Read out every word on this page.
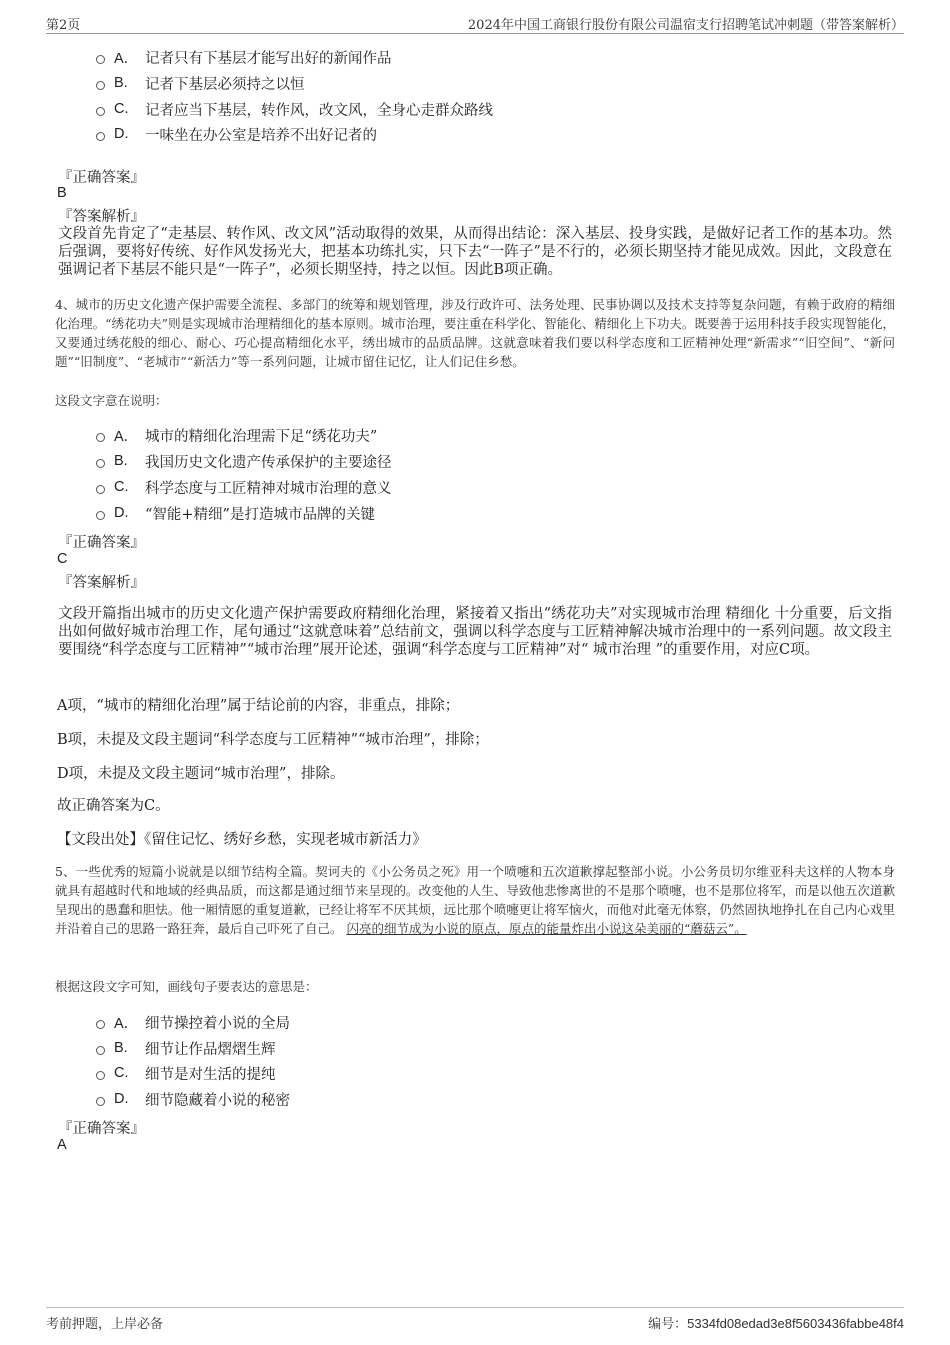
第2页	2024年中国工商银行股份有限公司温宿支行招聘笔试冲刺题（带答案解析）
A． 记者只有下基层才能写出好的新闻作品
B.	记者下基层必须持之以恒
C.	记者应当下基层，转作风，改文风，全身心走群众路线
D.	一味坐在办公室是培养不出好记者的
『正确答案』
B
『答案解析』
文段首先肯定了“走基层、转作风、改文风”活动取得的效果，从而得出结论：深入基层、投身实践，是做好记者工作的基本功。然后强调，要将好传统、好作风发扬光大，把基本功练扎实，只下去“一阵子”是不行的，必须长期坚持才能见成效。因此，文段意在强调记者下基层不能只是“一阵子”，必须长期坚持，持之以恒。因此B项正确。
4、城市的历史文化遗产保护需要全流程、多部门的统筹和规划管理，涉及行政许可、法务处理、民事协调以及技术支持等复杂问题，有赖于政府的精细化治理。“绣花功夫”则是实现城市治理精细化的基本原则。城市治理，要注重在科学化、智能化、精细化上下功夫。既要善于运用科技手段实现智能化，又要通过绣花般的细心、耐心、巧心提高精细化水平，绣出城市的品质品牌。这就意味着我们要以科学态度和工匠精神处理“新需求”“旧空间”、“新问题”“旧制度”、“老城市”“新活力”等一系列问题，让城市留住记忆，让人们记住乡愁。
这段文字意在说明：
A． 城市的精细化治理需下足“绣花功夫”
B.	我国历史文化遗产传承保护的主要途径
C.	科学态度与工匠精神对城市治理的意义
D.	“智能+精细”是打造城市品牌的关键
『正确答案』
C
『答案解析』
文段开篇指出城市的历史文化遗产保护需要政府精细化治理，紧接着又指出“绣花功夫”对实现城市治理 精细化 十分重要，后文指出如何做好城市治理工作，尾句通过“这就意味着”总结前文，强调以科学态度与工匠精神解决城市治理中的一系列问题。故文段主要围绕“科学态度与工匠精神”“城市治理”展开论述，强调“科学态度与工匠精神”对“ 城市治理 ”的重要作用，对应C项。
A项，“城市的精细化治理”属于结论前的内容，非重点，排除；
B项，未提及文段主题词“科学态度与工匠精神”“城市治理”，排除；
D项，未提及文段主题词“城市治理”，排除。
故正确答案为C。
【文段出处】《留住记忆、绣好乡愁，实现老城市新活力》
5、一些优秀的短篇小说就是以细节结构全篇。契诃夫的《小公务员之死》用一个喷嚏和五次道歉撑起整部小说。小公务员切尔维亚科夫这样的人物本身就具有超越时代和地域的经典品质，而这都是通过细节来呈现的。改变他的人生、导致他悲惨离世的不是那个喷嚏，也不是那位将军，而是以他五次道歉呈现出的愚蠢和胆怯。他一厢情愿的重复道歉，已经让将军不厌其烦，远比那个喷嚏更让将军恼火，而他对此毫无体察，仍然固执地挣扎在自己内心戏里并沿着自己的思路一路狂奔，最后自己吓死了自己。 闪亮的细节成为小说的原点，原点的能量炸出小说这朵美丽的“蘑菇云”。
根据这段文字可知，画线句子要表达的意思是：
A． 细节操控着小说的全局
B.	细节让作品熠熠生辉
C.	细节是对生活的提纯
D.	细节隐藏着小说的秘密
『正确答案』
A
考前押题，上岸必备	编号：5334fd08edad3e8f5603436fabbe48f4
